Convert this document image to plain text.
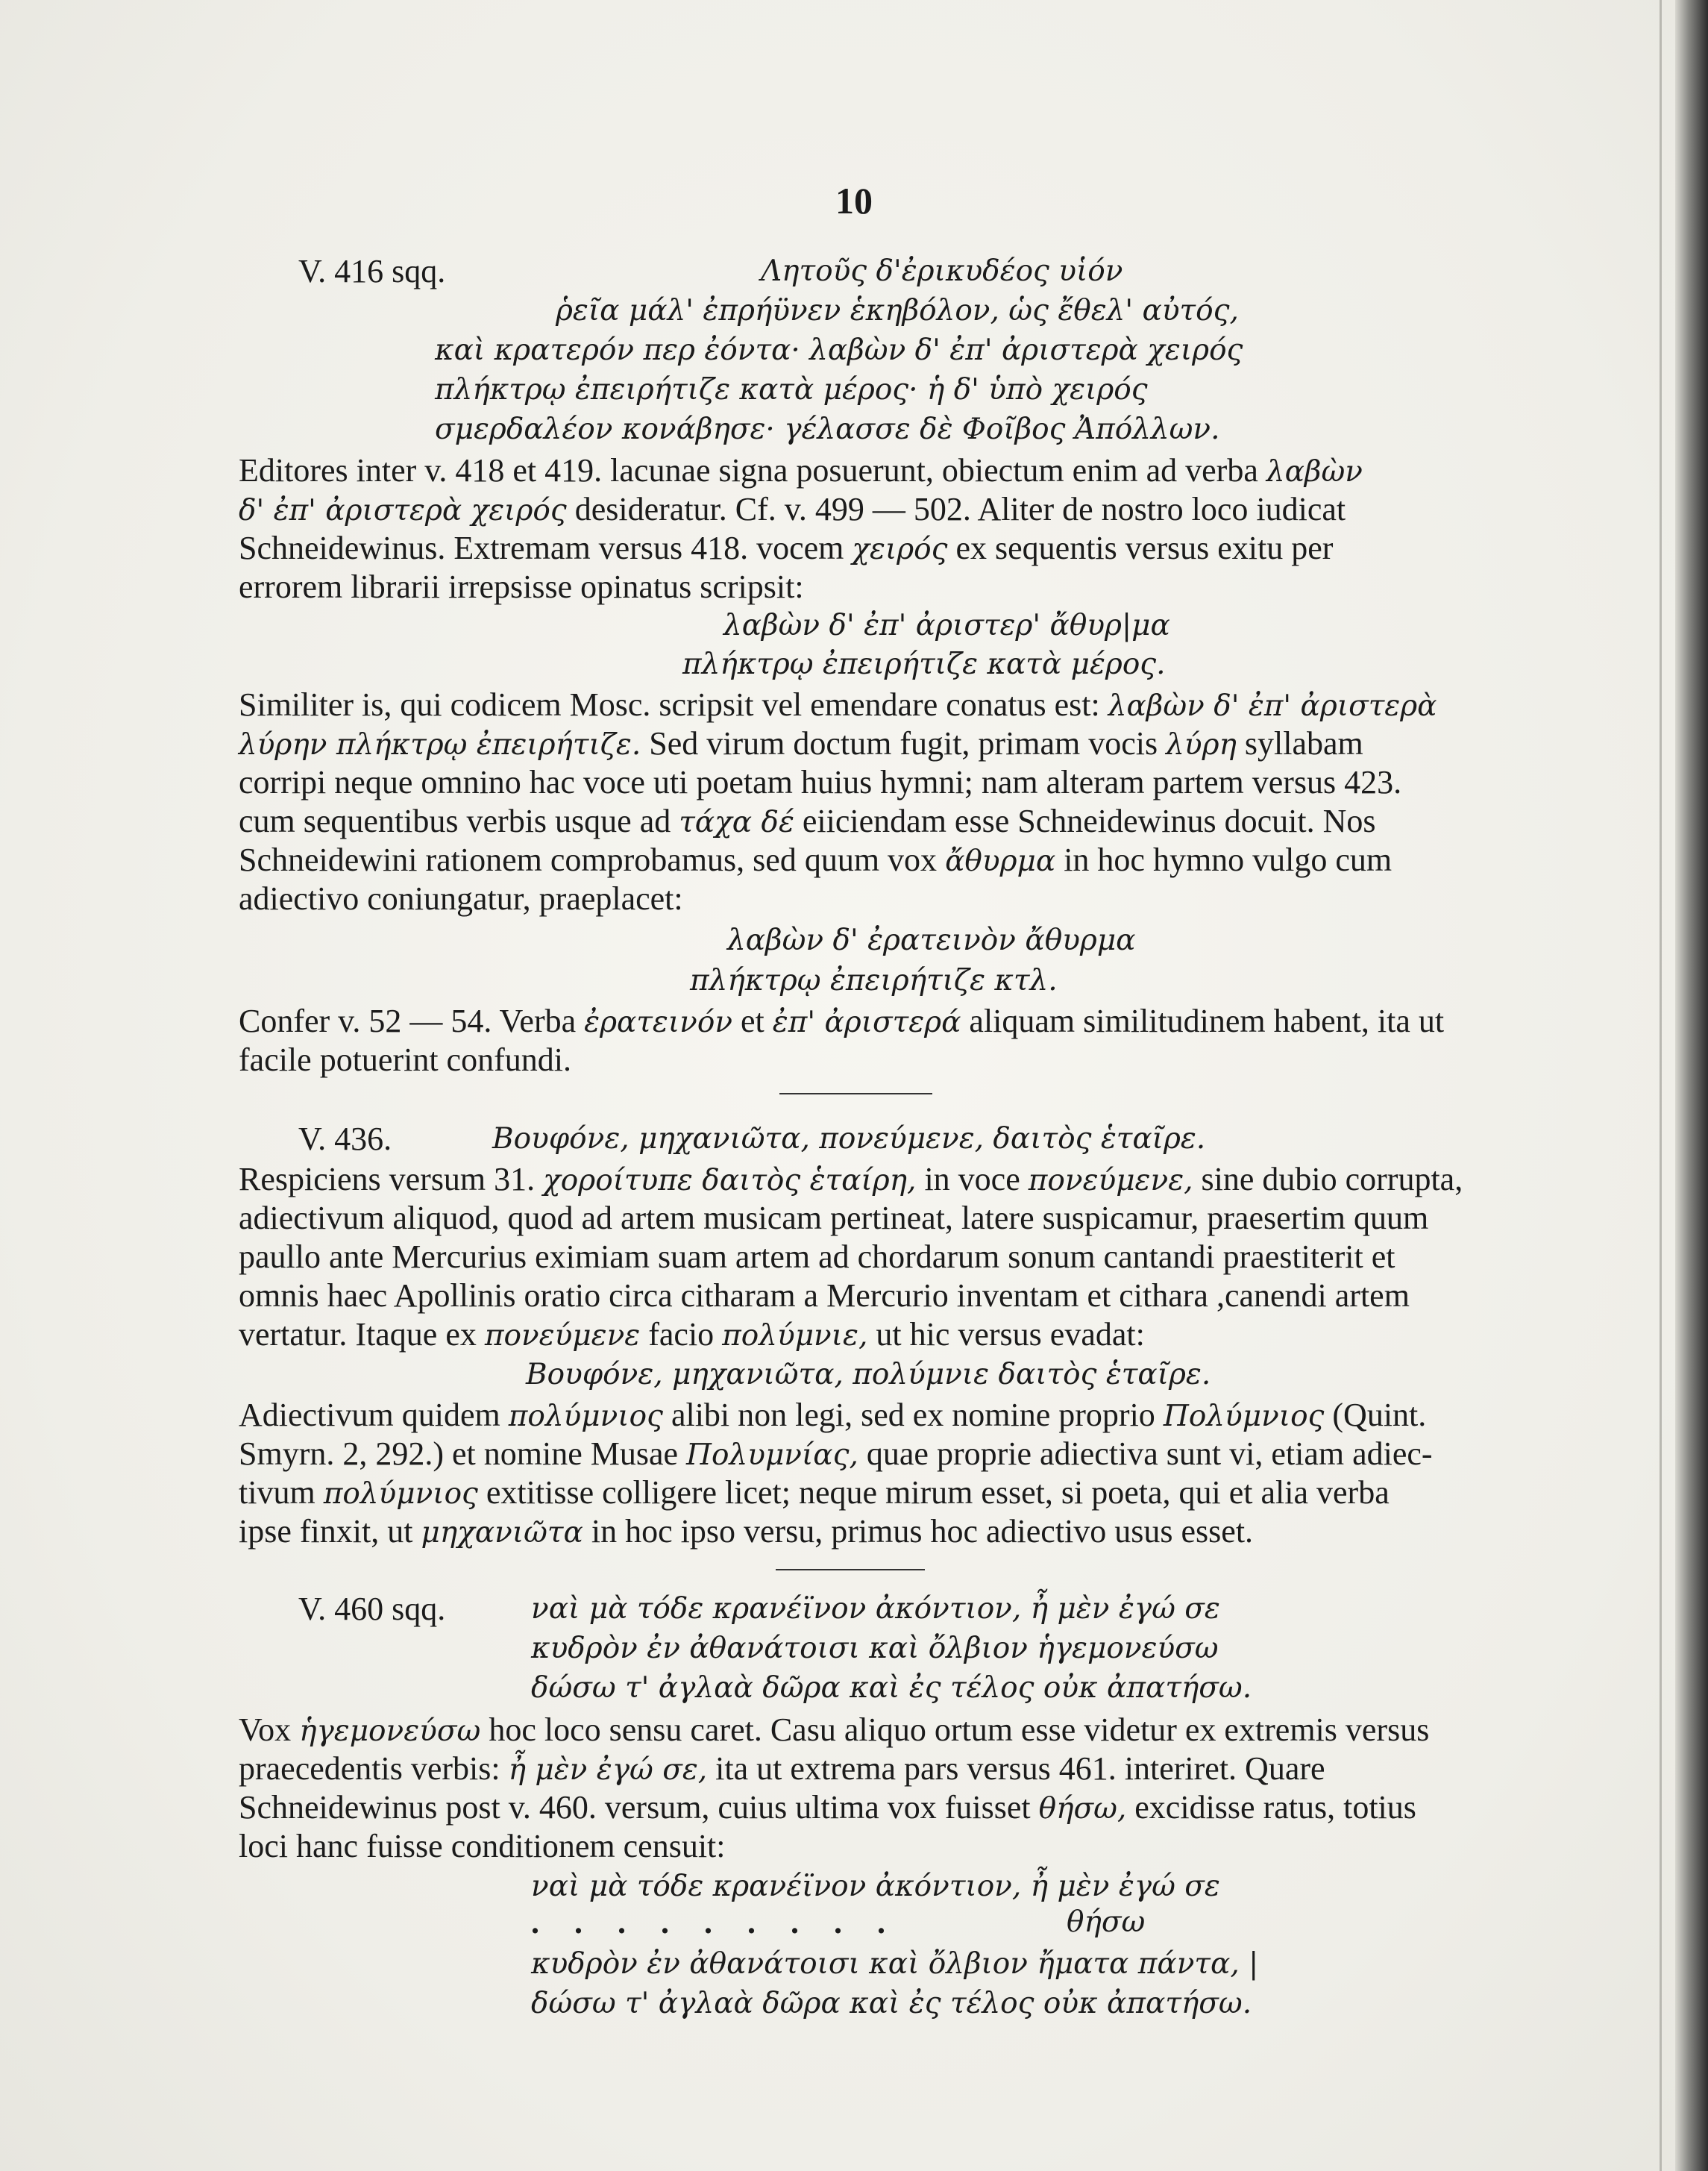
10
V. 416 sqq.	Λητοῦς δ'ἐρικυδέος υἱόν
ῥεῖα μάλ' ἐπρήϋνεν ἑκηβόλον, ὡς ἔθελ' αὐτός,
καὶ κρατερόν περ ἐόντα· λαβὼν δ' ἐπ' ἀριστερὰ χειρός
πλήκτρῳ ἐπειρήτιζε κατὰ μέρος· ἡ δ' ὑπὸ χειρός
σμερδαλέον κονάβησε· γέλασσε δὲ Φοῖβος Ἀπόλλων.
Editores inter v. 418 et 419. lacunae signa posuerunt, obiectum enim ad verba λαβὼν
δ' ἐπ' ἀριστερὰ χειρός desideratur. Cf. v. 499 — 502. Aliter de nostro loco iudicat
Schneidewinus. Extremam versus 418. vocem χειρός ex sequentis versus exitu per
errorem librarii irrepsisse opinatus scripsit:
λαβὼν δ' ἐπ' ἀριστερ' ἄθυρ|μα
πλήκτρῳ ἐπειρήτιζε κατὰ μέρος.
Similiter is, qui codicem Mosc. scripsit vel emendare conatus est: λαβὼν δ' ἐπ' ἀριστερὰ
λύρην πλήκτρῳ ἐπειρήτιζε. Sed virum doctum fugit, primam vocis λύρη syllabam
corripi neque omnino hac voce uti poetam huius hymni; nam alteram partem versus 423.
cum sequentibus verbis usque ad τάχα δέ eiiciendam esse Schneidewinus docuit. Nos
Schneidewini rationem comprobamus, sed quum vox ἄθυρμα in hoc hymno vulgo cum
adiectivo coniungatur, praeplacet:
λαβὼν δ' ἐρατεινὸν ἄθυρμα
πλήκτρῳ ἐπειρήτιζε κτλ.
Confer v. 52 — 54. Verba ἐρατεινόν et ἐπ' ἀριστερά aliquam similitudinem habent, ita ut
facile potuerint confundi.
V. 436.	Βουφόνε, μηχανιῶτα, πονεύμενε, δαιτὸς ἑταῖρε.
Respiciens versum 31. χοροίτυπε δαιτὸς ἑταίρη, in voce πονεύμενε, sine dubio corrupta,
adiectivum aliquod, quod ad artem musicam pertineat, latere suspicamur, praesertim quum
paullo ante Mercurius eximiam suam artem ad chordarum sonum cantandi praestiterit et
omnis haec Apollinis oratio circa citharam a Mercurio inventam et cithara ,canendi artem
vertatur. Itaque ex πονεύμενε facio πολύμνιε, ut hic versus evadat:
Βουφόνε, μηχανιῶτα, πολύμνιε δαιτὸς ἑταῖρε.
Adiectivum quidem πολύμνιος alibi non legi, sed ex nomine proprio Πολύμνιος (Quint.
Smyrn. 2, 292.) et nomine Musae Πολυμνίας, quae proprie adiectiva sunt vi, etiam adiec-
tivum πολύμνιος extitisse colligere licet; neque mirum esset, si poeta, qui et alia verba
ipse finxit, ut μηχανιῶτα in hoc ipso versu, primus hoc adiectivo usus esset.
V. 460 sqq.	ναὶ μὰ τόδε κρανέϊνον ἀκόντιον, ἦ μὲν ἐγώ σε
κυδρὸν ἐν ἀθανάτοισι καὶ ὄλβιον ἡγεμονεύσω
δώσω τ' ἀγλαὰ δῶρα καὶ ἐς τέλος οὐκ ἀπατήσω.
Vox ἡγεμονεύσω hoc loco sensu caret. Casu aliquo ortum esse videtur ex extremis versus
praecedentis verbis: ἦ μὲν ἐγώ σε, ita ut extrema pars versus 461. interiret. Quare
Schneidewinus post v. 460. versum, cuius ultima vox fuisset θήσω, excidisse ratus, totius
loci hanc fuisse conditionem censuit:
ναὶ μὰ τόδε κρανέϊνον ἀκόντιον, ἦ μὲν ἐγώ σε
. . . . . . . . .	θήσω
κυδρὸν ἐν ἀθανάτοισι καὶ ὄλβιον ἤματα πάντα, |
δώσω τ' ἀγλαὰ δῶρα καὶ ἐς τέλος οὐκ ἀπατήσω.
